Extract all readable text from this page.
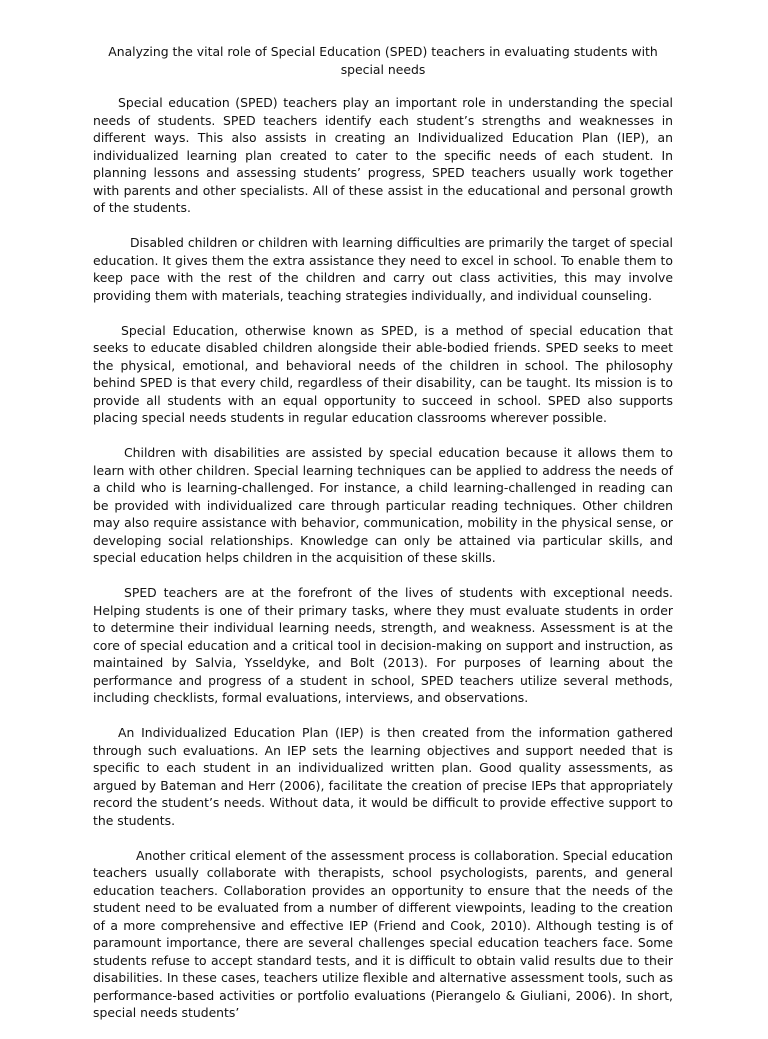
Analyzing the vital role of Special Education (SPED) teachers in evaluating students with special needs

Special education (SPED) teachers play an important role in understanding the special needs of students. SPED teachers identify each student’s strengths and weaknesses in different ways. This also assists in creating an Individualized Education Plan (IEP), an individualized learning plan created to cater to the specific needs of each student. In planning lessons and assessing students’ progress, SPED teachers usually work together with parents and other specialists. All of these assist in the educational and personal growth of the students.

Disabled children or children with learning difficulties are primarily the target of special education. It gives them the extra assistance they need to excel in school. To enable them to keep pace with the rest of the children and carry out class activities, this may involve providing them with materials, teaching strategies individually, and individual counseling.

Special Education, otherwise known as SPED, is a method of special education that seeks to educate disabled children alongside their able-bodied friends. SPED seeks to meet the physical, emotional, and behavioral needs of the children in school. The philosophy behind SPED is that every child, regardless of their disability, can be taught. Its mission is to provide all students with an equal opportunity to succeed in school. SPED also supports placing special needs students in regular education classrooms wherever possible.

Children with disabilities are assisted by special education because it allows them to learn with other children. Special learning techniques can be applied to address the needs of a child who is learning-challenged. For instance, a child learning-challenged in reading can be provided with individualized care through particular reading techniques. Other children may also require assistance with behavior, communication, mobility in the physical sense, or developing social relationships. Knowledge can only be attained via particular skills, and special education helps children in the acquisition of these skills.

SPED teachers are at the forefront of the lives of students with exceptional needs. Helping students is one of their primary tasks, where they must evaluate students in order to determine their individual learning needs, strength, and weakness. Assessment is at the core of special education and a critical tool in decision-making on support and instruction, as maintained by Salvia, Ysseldyke, and Bolt (2013). For purposes of learning about the performance and progress of a student in school, SPED teachers utilize several methods, including checklists, formal evaluations, interviews, and observations.

An Individualized Education Plan (IEP) is then created from the information gathered through such evaluations. An IEP sets the learning objectives and support needed that is specific to each student in an individualized written plan. Good quality assessments, as argued by Bateman and Herr (2006), facilitate the creation of precise IEPs that appropriately record the student’s needs. Without data, it would be difficult to provide effective support to the students.

Another critical element of the assessment process is collaboration. Special education teachers usually collaborate with therapists, school psychologists, parents, and general education teachers. Collaboration provides an opportunity to ensure that the needs of the student need to be evaluated from a number of different viewpoints, leading to the creation of a more comprehensive and effective IEP (Friend and Cook, 2010). Although testing is of paramount importance, there are several challenges special education teachers face. Some students refuse to accept standard tests, and it is difficult to obtain valid results due to their disabilities. In these cases, teachers utilize flexible and alternative assessment tools, such as performance-based activities or portfolio evaluations (Pierangelo & Giuliani, 2006). In short, special needs students’
